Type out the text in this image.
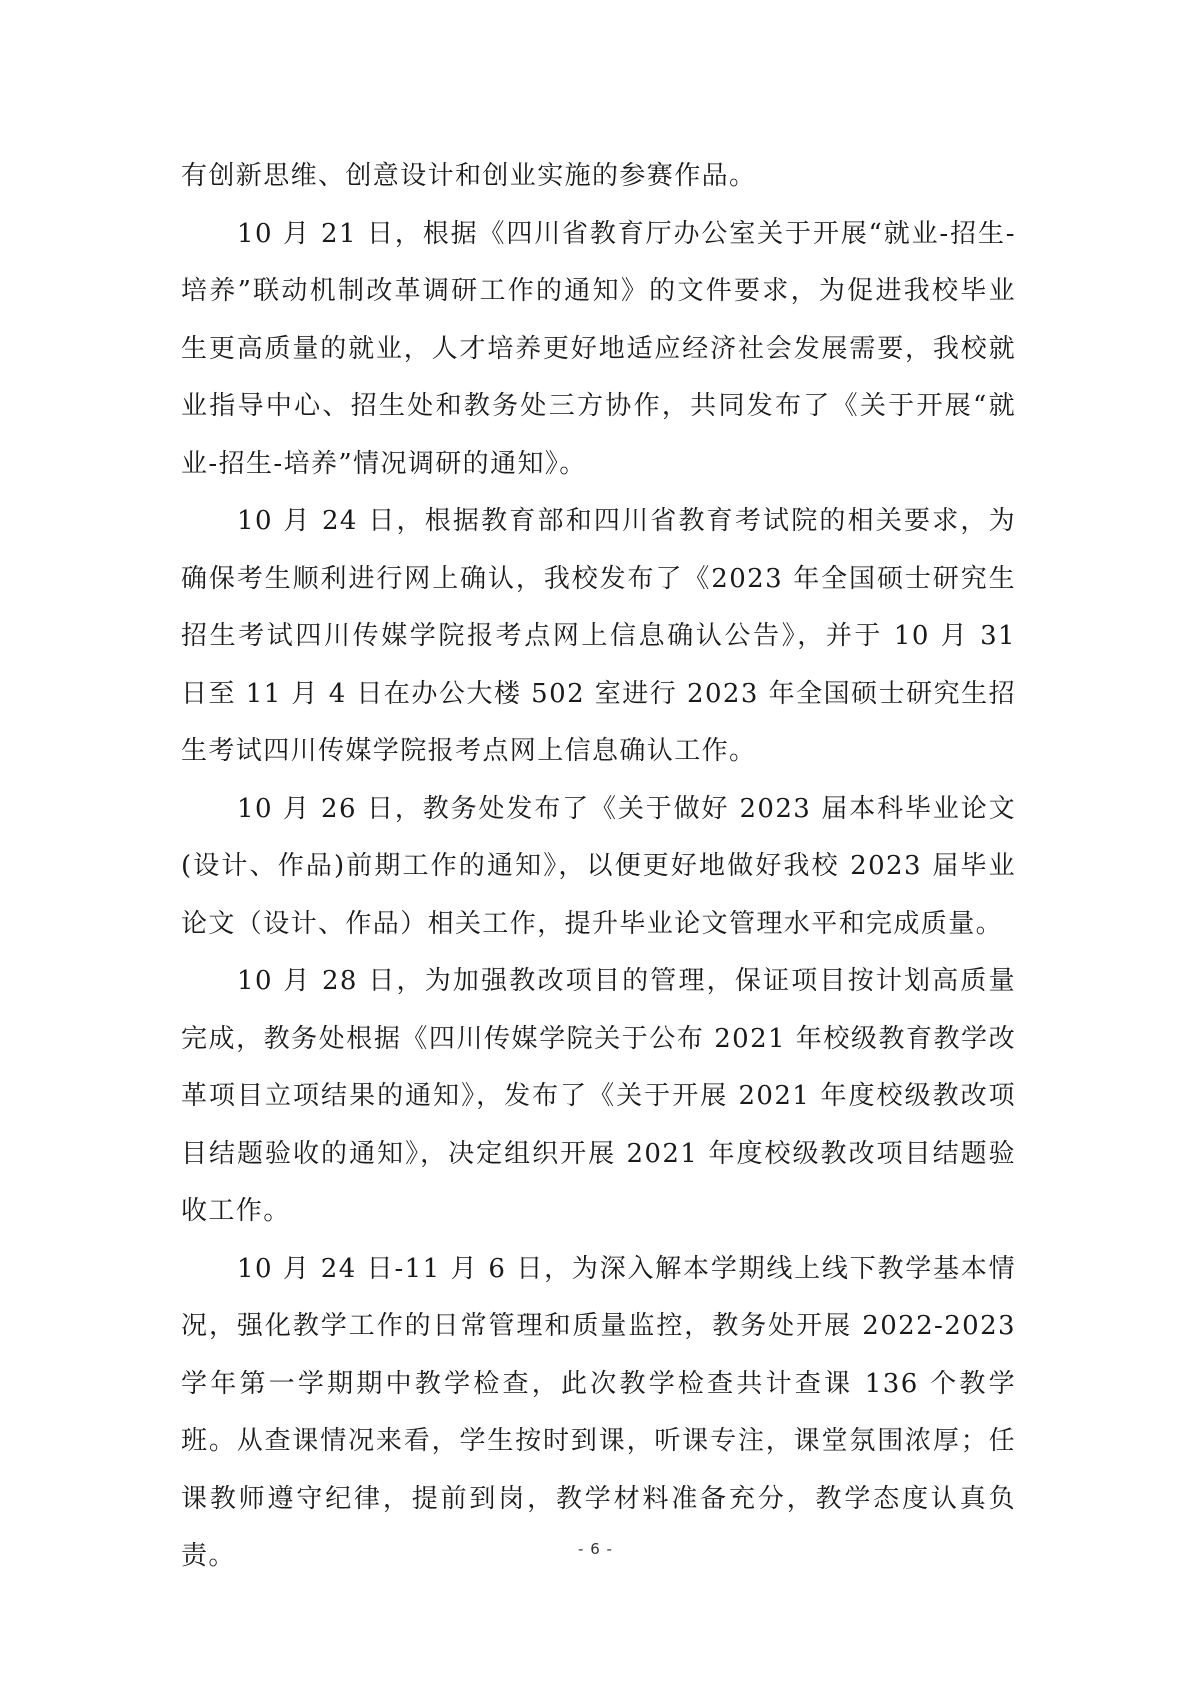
有创新思维、创意设计和创业实施的参赛作品。

10 月 21 日，根据《四川省教育厅办公室关于开展“就业-招生-培养”联动机制改革调研工作的通知》的文件要求，为促进我校毕业生更高质量的就业，人才培养更好地适应经济社会发展需要，我校就业指导中心、招生处和教务处三方协作，共同发布了《关于开展“就业-招生-培养”情况调研的通知》。

10 月 24 日，根据教育部和四川省教育考试院的相关要求，为确保考生顺利进行网上确认，我校发布了《2023 年全国硕士研究生招生考试四川传媒学院报考点网上信息确认公告》，并于 10 月 31 日至 11 月 4 日在办公大楼 502 室进行 2023 年全国硕士研究生招生考试四川传媒学院报考点网上信息确认工作。

10 月 26 日，教务处发布了《关于做好 2023 届本科毕业论文(设计、作品)前期工作的通知》，以便更好地做好我校 2023 届毕业论文（设计、作品）相关工作，提升毕业论文管理水平和完成质量。

10 月 28 日，为加强教改项目的管理，保证项目按计划高质量完成，教务处根据《四川传媒学院关于公布 2021 年校级教育教学改革项目立项结果的通知》，发布了《关于开展 2021 年度校级教改项目结题验收的通知》，决定组织开展 2021 年度校级教改项目结题验收工作。

10 月 24 日-11 月 6 日，为深入解本学期线上线下教学基本情况，强化教学工作的日常管理和质量监控，教务处开展 2022-2023 学年第一学期期中教学检查，此次教学检查共计查课 136 个教学班。从查课情况来看，学生按时到课，听课专注，课堂氛围浓厚；任课教师遵守纪律，提前到岗，教学材料准备充分，教学态度认真负责。	- 6 -
